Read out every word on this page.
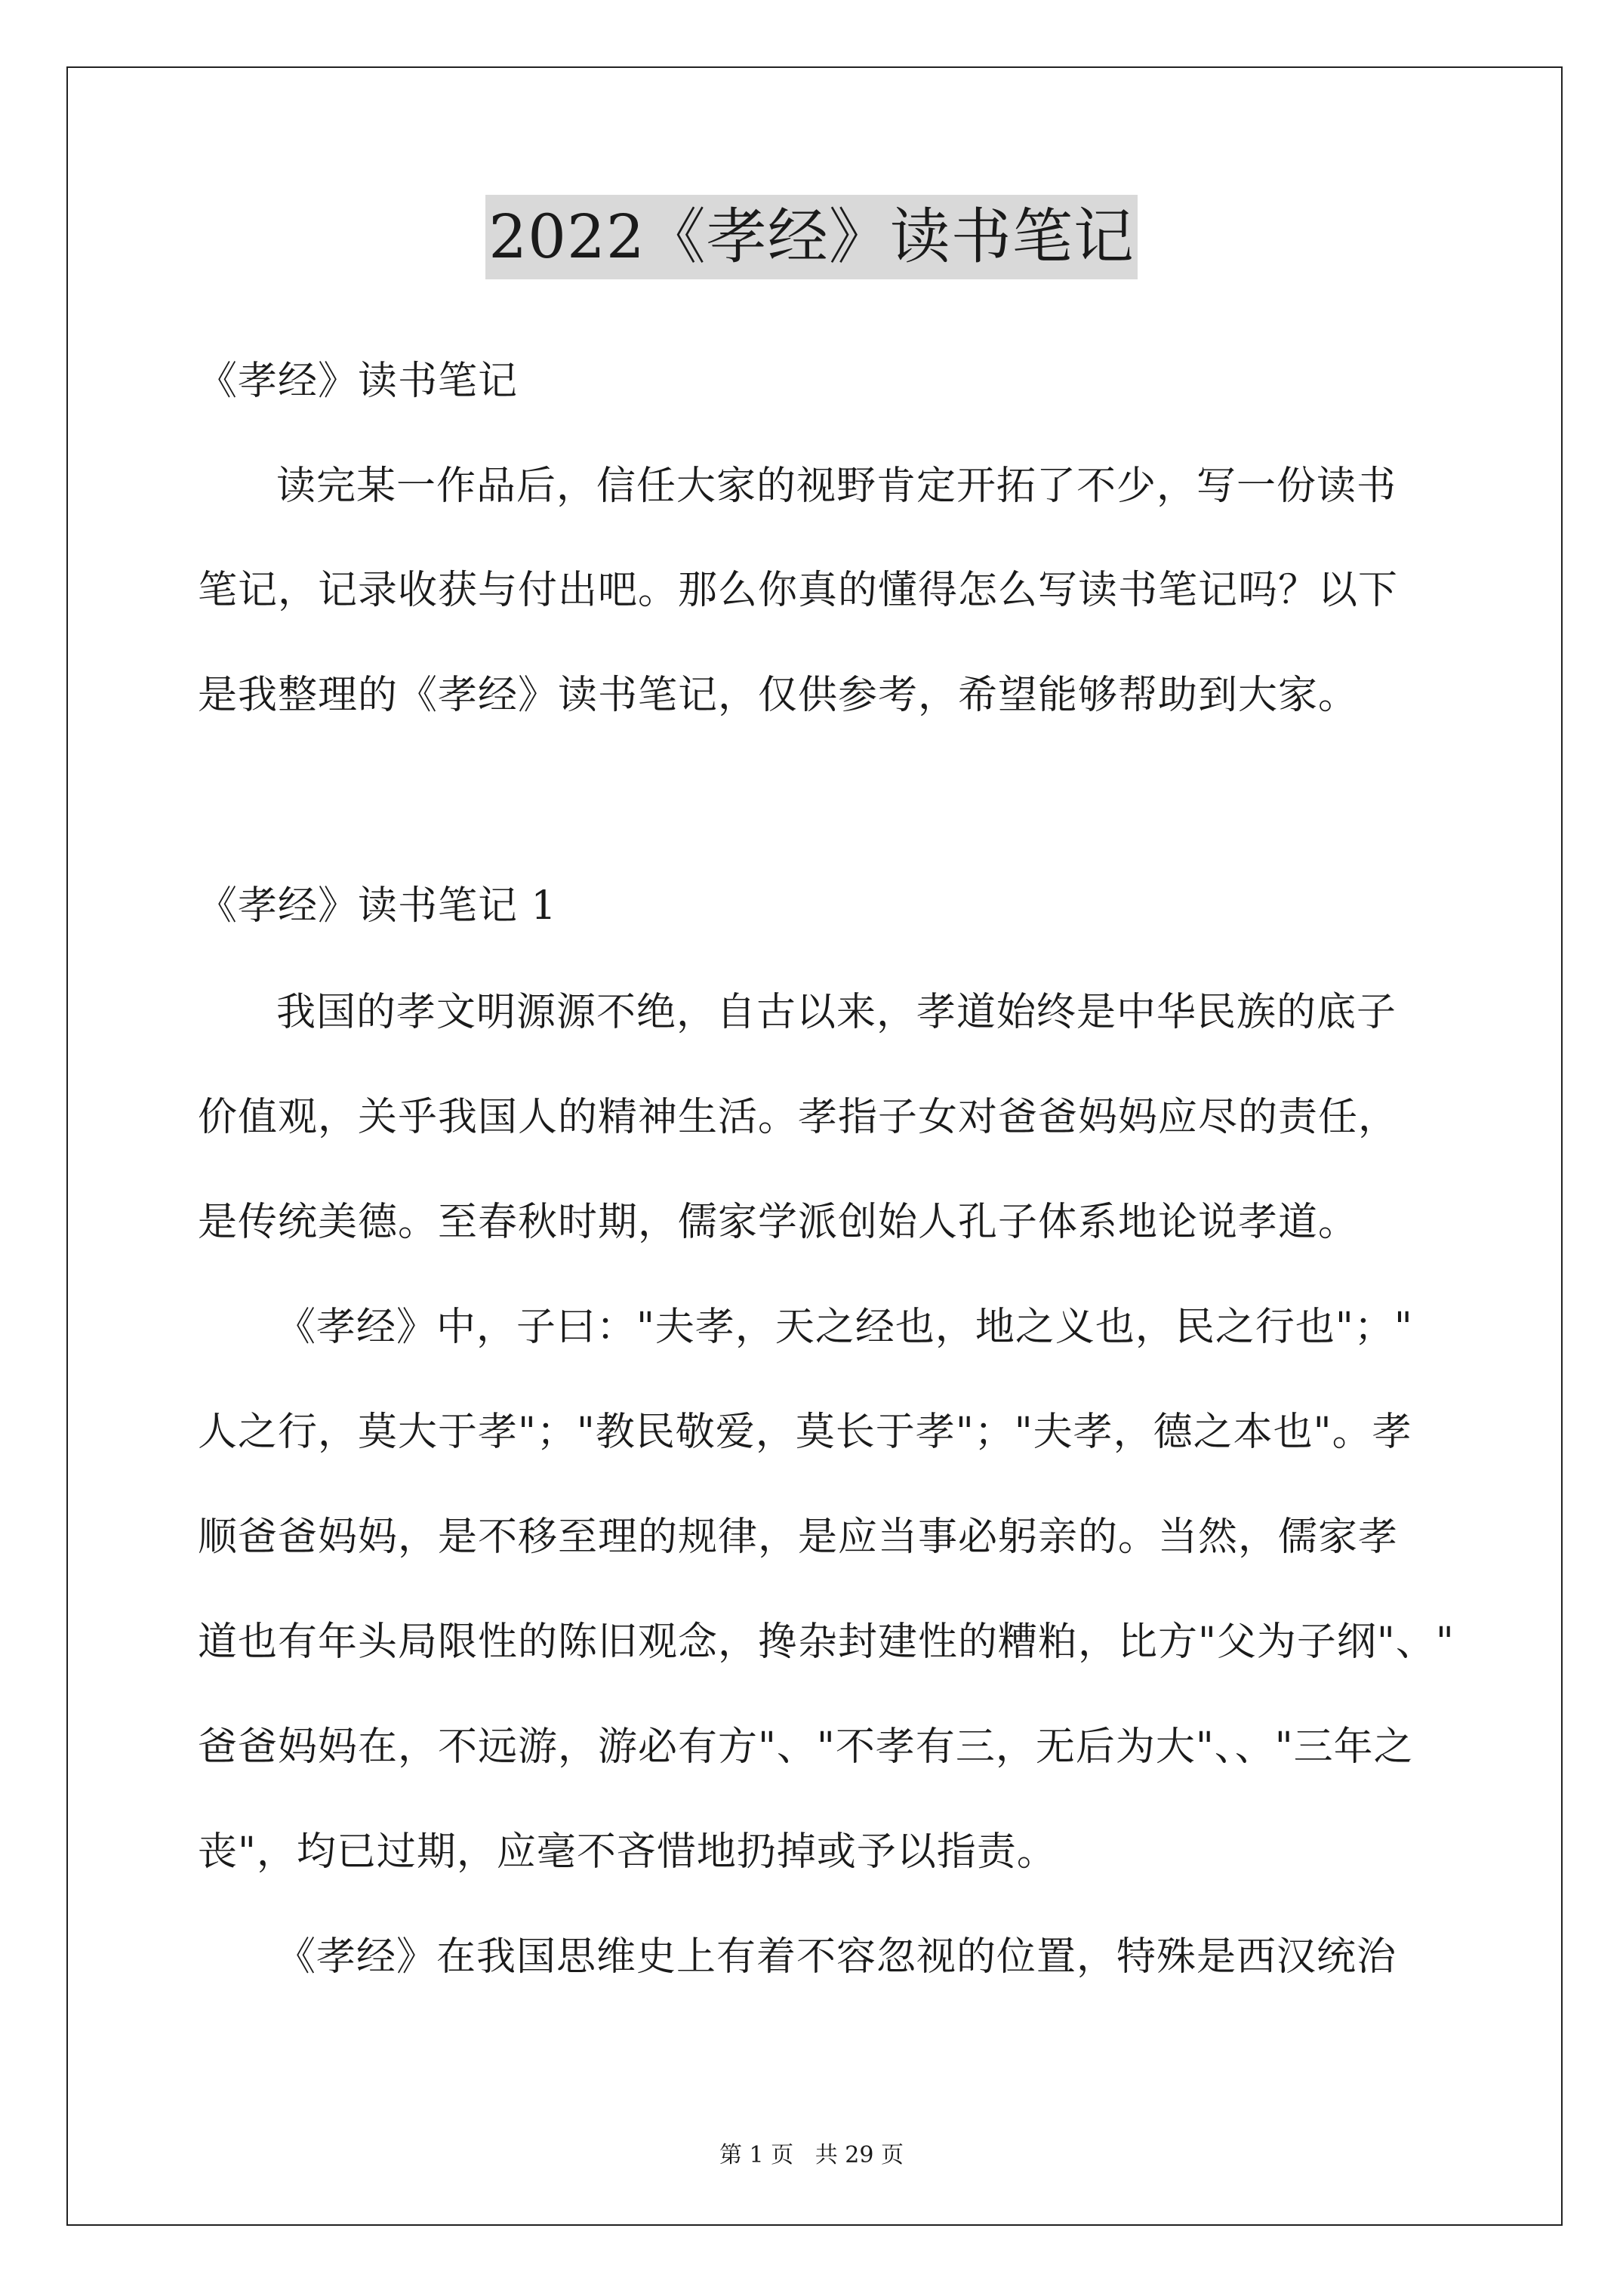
2022《孝经》读书笔记
《孝经》读书笔记
读完某一作品后，信任大家的视野肯定开拓了不少，写一份读书
笔记，记录收获与付出吧。那么你真的懂得怎么写读书笔记吗？以下
是我整理的《孝经》读书笔记，仅供参考，希望能够帮助到大家。
《孝经》读书笔记 1
我国的孝文明源源不绝，自古以来，孝道始终是中华民族的底子
价值观，关乎我国人的精神生活。孝指子女对爸爸妈妈应尽的责任，
是传统美德。至春秋时期，儒家学派创始人孔子体系地论说孝道。
《孝经》中，子曰："夫孝，天之经也，地之义也，民之行也"；"
人之行，莫大于孝"；"教民敬爱，莫长于孝"；"夫孝，德之本也"。孝
顺爸爸妈妈，是不移至理的规律，是应当事必躬亲的。当然，儒家孝
道也有年头局限性的陈旧观念，搀杂封建性的糟粕，比方"父为子纲"、"
爸爸妈妈在，不远游，游必有方"、"不孝有三，无后为大"、、"三年之
丧"，均已过期，应毫不吝惜地扔掉或予以指责。
《孝经》在我国思维史上有着不容忽视的位置，特殊是西汉统治
第 1 页   共 29 页
